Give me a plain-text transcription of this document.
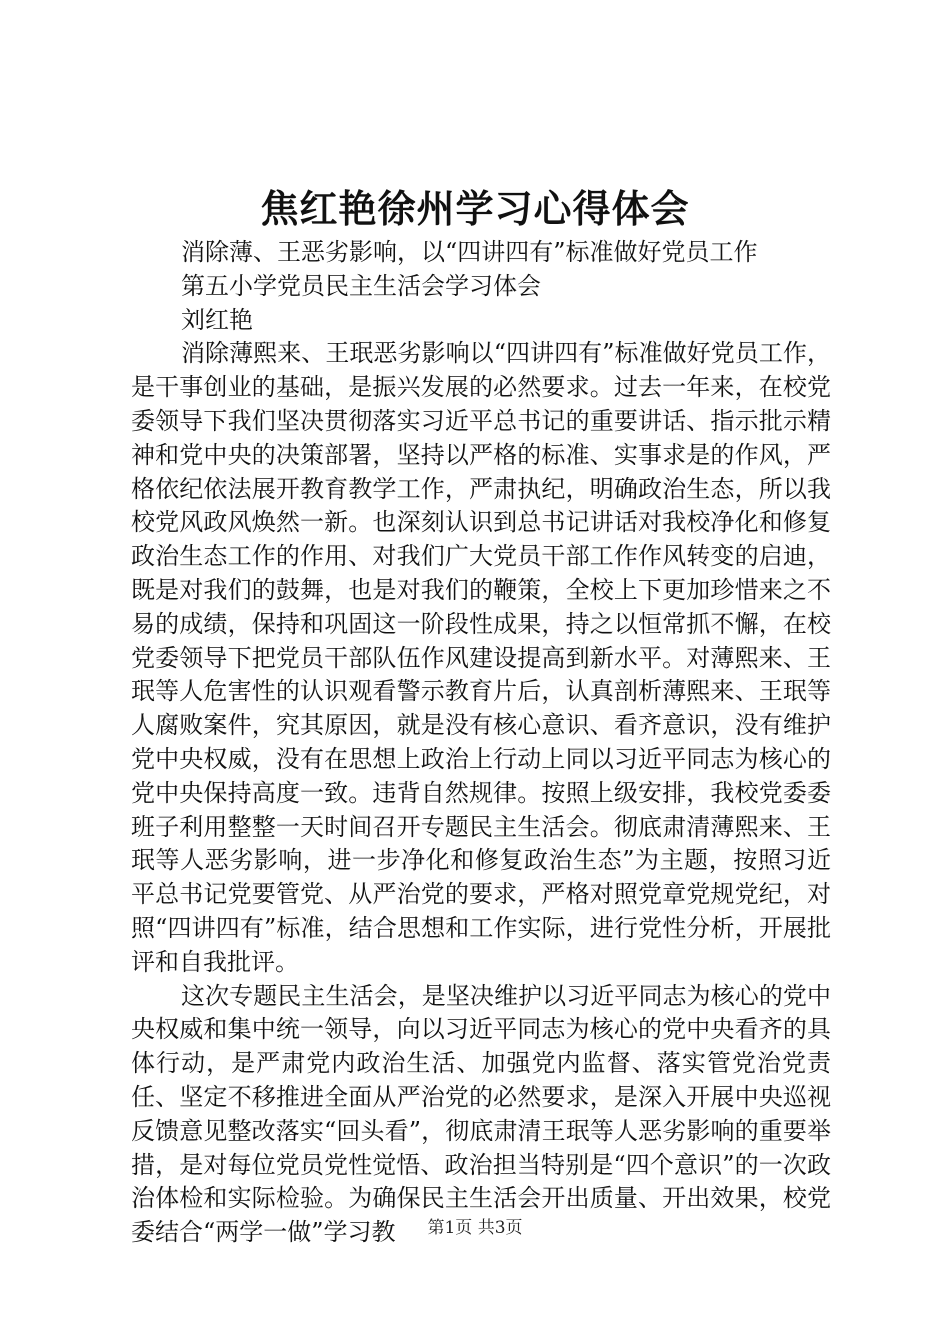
焦红艳徐州学习心得体会

消除薄、王恶劣影响，以“四讲四有”标准做好党员工作

第五小学党员民主生活会学习体会

刘红艳

消除薄熙来、王珉恶劣影响以“四讲四有”标准做好党员工作，是干事创业的基础，是振兴发展的必然要求。过去一年来，在校党委领导下我们坚决贯彻落实习近平总书记的重要讲话、指示批示精神和党中央的决策部署，坚持以严格的标准、实事求是的作风，严格依纪依法展开教育教学工作，严肃执纪，明确政治生态，所以我校党风政风焕然一新。也深刻认识到总书记讲话对我校净化和修复政治生态工作的作用、对我们广大党员干部工作作风转变的启迪，既是对我们的鼓舞，也是对我们的鞭策，全校上下更加珍惜来之不易的成绩，保持和巩固这一阶段性成果，持之以恒常抓不懈，在校党委领导下把党员干部队伍作风建设提高到新水平。对薄熙来、王珉等人危害性的认识观看警示教育片后，认真剖析薄熙来、王珉等人腐败案件，究其原因，就是没有核心意识、看齐意识，没有维护党中央权威，没有在思想上政治上行动上同以习近平同志为核心的党中央保持高度一致。违背自然规律。按照上级安排，我校党委委班子利用整整一天时间召开专题民主生活会。彻底肃清薄熙来、王珉等人恶劣影响，进一步净化和修复政治生态”为主题，按照习近平总书记党要管党、从严治党的要求，严格对照党章党规党纪，对照“四讲四有”标准，结合思想和工作实际，进行党性分析，开展批评和自我批评。

这次专题民主生活会，是坚决维护以习近平同志为核心的党中央权威和集中统一领导，向以习近平同志为核心的党中央看齐的具体行动，是严肃党内政治生活、加强党内监督、落实管党治党责任、坚定不移推进全面从严治党的必然要求，是深入开展中央巡视反馈意见整改落实“回头看”，彻底肃清王珉等人恶劣影响的重要举措，是对每位党员党性觉悟、政治担当特别是“四个意识”的一次政治体检和实际检验。为确保民主生活会开出质量、开出效果，校党委结合“两学一做”学习教	第1页 共3页
